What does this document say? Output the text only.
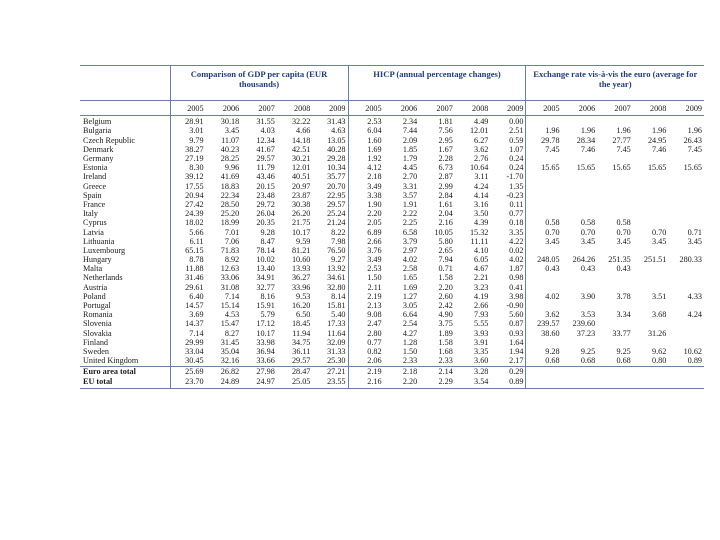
	Comparison of GDP per capita (EUR thousands)					HICP (annual percentage changes)					Exchange rate vis-à-vis the euro (average for the year)				
	2005	2006	2007	2008	2009	2005	2006	2007	2008	2009	2005	2006	2007	2008	2009
Belgium	28.91	30.18	31.55	32.22	31.43	2.53	2.34	1.81	4.49	0.00					
Bulgaria	3.01	3.45	4.03	4.66	4.63	6.04	7.44	7.56	12.01	2.51	1.96	1.96	1.96	1.96	1.96
Czech Republic	9.79	11.07	12.34	14.18	13.05	1.60	2.09	2.95	6.27	0.59	29.78	28.34	27.77	24.95	26.43
Denmark	38.27	40.23	41.67	42.51	40.28	1.69	1.85	1.67	3.62	1.07	7.45	7.46	7.45	7.46	7.45
Germany	27.19	28.25	29.57	30.21	29.28	1.92	1.79	2.28	2.76	0.24					
Estonia	8.30	9.96	11.79	12.01	10.34	4.12	4.45	6.73	10.64	0.24	15.65	15.65	15.65	15.65	15.65
Ireland	39.12	41.69	43.46	40.51	35.77	2.18	2.70	2.87	3.11	-1.70					
Greece	17.55	18.83	20.15	20.97	20.70	3.49	3.31	2.99	4.24	1.35					
Spain	20.94	22.34	23.48	23.87	22.95	3.38	3.57	2.84	4.14	-0.23					
France	27.42	28.50	29.72	30.38	29.57	1.90	1.91	1.61	3.16	0.11					
Italy	24.39	25.20	26.04	26.20	25.24	2.20	2.22	2.04	3.50	0.77					
Cyprus	18.02	18.99	20.35	21.75	21.24	2.05	2.25	2.16	4.39	0.18	0.58	0.58	0.58		
Latvia	5.66	7.01	9.28	10.17	8.22	6.89	6.58	10.05	15.32	3.35	0.70	0.70	0.70	0.70	0.71
Lithuania	6.11	7.06	8.47	9.59	7.98	2.66	3.79	5.80	11.11	4.22	3.45	3.45	3.45	3.45	3.45
Luxembourg	65.15	71.83	78.14	81.21	76.50	3.76	2.97	2.65	4.10	0.02					
Hungary	8.78	8.92	10.02	10.60	9.27	3.49	4.02	7.94	6.05	4.02	248.05	264.26	251.35	251.51	280.33
Malta	11.88	12.63	13.40	13.93	13.92	2.53	2.58	0.71	4.67	1.87	0.43	0.43	0.43		
Netherlands	31.46	33.06	34.91	36.27	34.61	1.50	1.65	1.58	2.21	0.98					
Austria	29.61	31.08	32.77	33.96	32.80	2.11	1.69	2.20	3.23	0.41					
Poland	6.40	7.14	8.16	9.53	8.14	2.19	1.27	2.60	4.19	3.98	4.02	3.90	3.78	3.51	4.33
Portugal	14.57	15.14	15.91	16.20	15.81	2.13	3.05	2.42	2.66	-0.90					
Romania	3.69	4.53	5.79	6.50	5.40	9.08	6.64	4.90	7.93	5.60	3.62	3.53	3.34	3.68	4.24
Slovenia	14.37	15.47	17.12	18.45	17.33	2.47	2.54	3.75	5.55	0.87	239.57	239.60			
Slovakia	7.14	8.27	10.17	11.94	11.64	2.80	4.27	1.89	3.93	0.93	38.60	37.23	33.77	31.26	
Finland	29.99	31.45	33.98	34.75	32.09	0.77	1.28	1.58	3.91	1.64					
Sweden	33.04	35.04	36.94	36.11	31.33	0.82	1.50	1.68	3.35	1.94	9.28	9.25	9.25	9.62	10.62
United Kingdom	30.45	32.16	33.66	29.57	25.30	2.06	2.33	2.33	3.60	2.17	0.68	0.68	0.68	0.80	0.89
Euro area total	25.69	26.82	27.98	28.47	27.21	2.19	2.18	2.14	3.28	0.29					
EU total	23.70	24.89	24.97	25.05	23.55	2.16	2.20	2.29	3.54	0.89					
